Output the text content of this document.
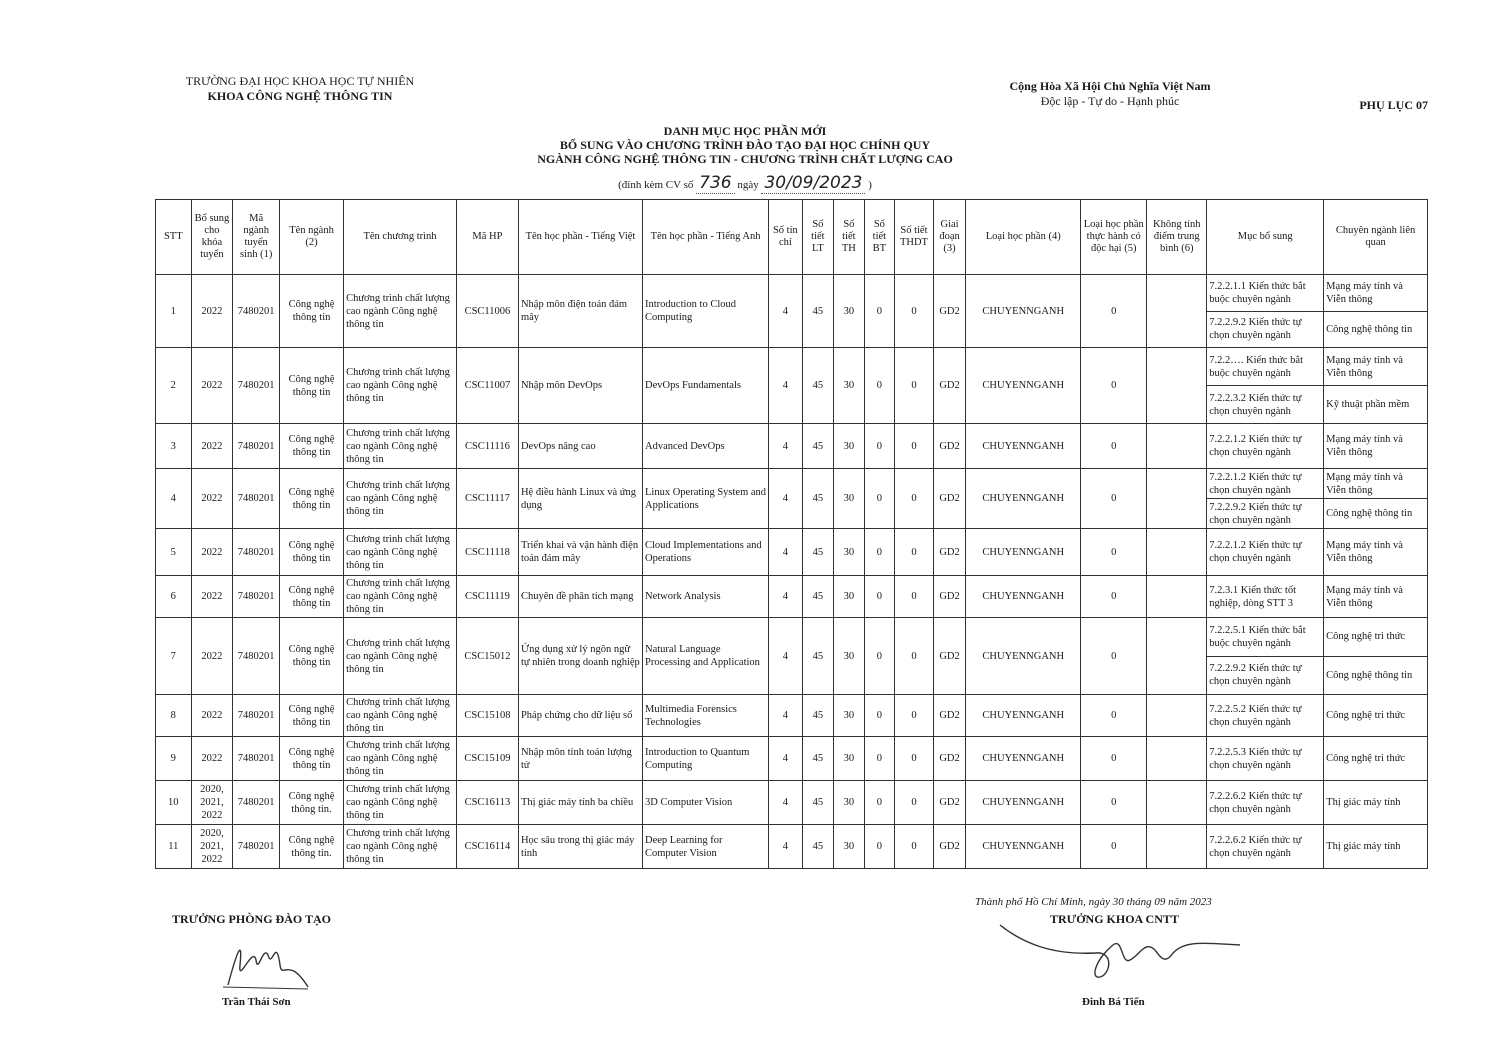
TRƯỜNG ĐẠI HỌC KHOA HỌC TỰ NHIÊN
KHOA CÔNG NGHỆ THÔNG TIN
Cộng Hòa Xã Hội Chủ Nghĩa Việt Nam
Độc lập - Tự do - Hạnh phúc	PHỤ LỤC 07
DANH MỤC HỌC PHẦN MỚI
BỔ SUNG VÀO CHƯƠNG TRÌNH ĐÀO TẠO ĐẠI HỌC CHÍNH QUY
NGÀNH CÔNG NGHỆ THÔNG TIN - CHƯƠNG TRÌNH CHẤT LƯỢNG CAO
(đính kèm CV số 736 ngày 30/09/2023 )
STT	Bổ sung cho khóa tuyển	Mã ngành tuyển sinh (1)	Tên ngành (2)	Tên chương trình	Mã HP	Tên học phần - Tiếng Việt	Tên học phần - Tiếng Anh	Số tín chỉ	Số tiết LT	Số tiết TH	Số tiết BT	Số tiết THDT	Giai đoạn (3)	Loại học phần (4)	Loại học phần thực hành có độc hại (5)	Không tính điểm trung bình (6)	Mục bổ sung	Chuyên ngành liên quan
1	2022	7480201	Công nghệ thông tin	Chương trình chất lượng cao ngành Công nghệ thông tin	CSC11006	Nhập môn điện toán đám mây	Introduction to Cloud Computing	4	45	30	0	0	GD2	CHUYENNGANH	0		7.2.2.1.1 Kiến thức bắt buộc chuyên ngành	Mạng máy tính và Viễn thông
																	7.2.2.9.2 Kiến thức tự chọn chuyên ngành	Công nghệ thông tin
2	2022	7480201	Công nghệ thông tin	Chương trình chất lượng cao ngành Công nghệ thông tin	CSC11007	Nhập môn DevOps	DevOps Fundamentals	4	45	30	0	0	GD2	CHUYENNGANH	0		7.2.2…. Kiến thức bắt buộc chuyên ngành	Mạng máy tính và Viễn thông
																	7.2.2.3.2 Kiến thức tự chọn chuyên ngành	Kỹ thuật phần mềm
3	2022	7480201	Công nghệ thông tin	Chương trình chất lượng cao ngành Công nghệ thông tin	CSC11116	DevOps nâng cao	Advanced DevOps	4	45	30	0	0	GD2	CHUYENNGANH	0		7.2.2.1.2 Kiến thức tự chọn chuyên ngành	Mạng máy tính và Viễn thông
4	2022	7480201	Công nghệ thông tin	Chương trình chất lượng cao ngành Công nghệ thông tin	CSC11117	Hệ điều hành Linux và ứng dụng	Linux Operating System and Applications	4	45	30	0	0	GD2	CHUYENNGANH	0		7.2.2.1.2 Kiến thức tự chọn chuyên ngành	Mạng máy tính và Viễn thông
																	7.2.2.9.2 Kiến thức tự chọn chuyên ngành	Công nghệ thông tin
5	2022	7480201	Công nghệ thông tin	Chương trình chất lượng cao ngành Công nghệ thông tin	CSC11118	Triển khai và vận hành điện toán đám mây	Cloud Implementations and Operations	4	45	30	0	0	GD2	CHUYENNGANH	0		7.2.2.1.2 Kiến thức tự chọn chuyên ngành	Mạng máy tính và Viễn thông
6	2022	7480201	Công nghệ thông tin	Chương trình chất lượng cao ngành Công nghệ thông tin	CSC11119	Chuyên đề phân tích mạng	Network Analysis	4	45	30	0	0	GD2	CHUYENNGANH	0		7.2.3.1 Kiến thức tốt nghiệp, dòng STT 3	Mạng máy tính và Viễn thông
7	2022	7480201	Công nghệ thông tin	Chương trình chất lượng cao ngành Công nghệ thông tin	CSC15012	Ứng dụng xử lý ngôn ngữ tự nhiên trong doanh nghiệp	Natural Language Processing and Application	4	45	30	0	0	GD2	CHUYENNGANH	0		7.2.2.5.1 Kiến thức bắt buộc chuyên ngành	Công nghệ tri thức
																	7.2.2.9.2 Kiến thức tự chọn chuyên ngành	Công nghệ thông tin
8	2022	7480201	Công nghệ thông tin	Chương trình chất lượng cao ngành Công nghệ thông tin	CSC15108	Pháp chứng cho dữ liệu số	Multimedia Forensics Technologies	4	45	30	0	0	GD2	CHUYENNGANH	0		7.2.2.5.2 Kiến thức tự chọn chuyên ngành	Công nghệ tri thức
9	2022	7480201	Công nghệ thông tin	Chương trình chất lượng cao ngành Công nghệ thông tin	CSC15109	Nhập môn tính toán lượng tử	Introduction to Quantum Computing	4	45	30	0	0	GD2	CHUYENNGANH	0		7.2.2.5.3 Kiến thức tự chọn chuyên ngành	Công nghệ tri thức
10	2020, 2021, 2022	7480201	Công nghệ thông tin.	Chương trình chất lượng cao ngành Công nghệ thông tin	CSC16113	Thị giác máy tính ba chiều	3D Computer Vision	4	45	30	0	0	GD2	CHUYENNGANH	0		7.2.2.6.2 Kiến thức tự chọn chuyên ngành	Thị giác máy tính
11	2020, 2021, 2022	7480201	Công nghệ thông tin.	Chương trình chất lượng cao ngành Công nghệ thông tin	CSC16114	Học sâu trong thị giác máy tính	Deep Learning for Computer Vision	4	45	30	0	0	GD2	CHUYENNGANH	0		7.2.2.6.2 Kiến thức tự chọn chuyên ngành	Thị giác máy tính
TRƯỞNG PHÒNG ĐÀO TẠO
Trần Thái Sơn
Thành phố Hồ Chí Minh, ngày 30 tháng 09 năm 2023
TRƯỞNG KHOA CNTT
Đinh Bá Tiến
